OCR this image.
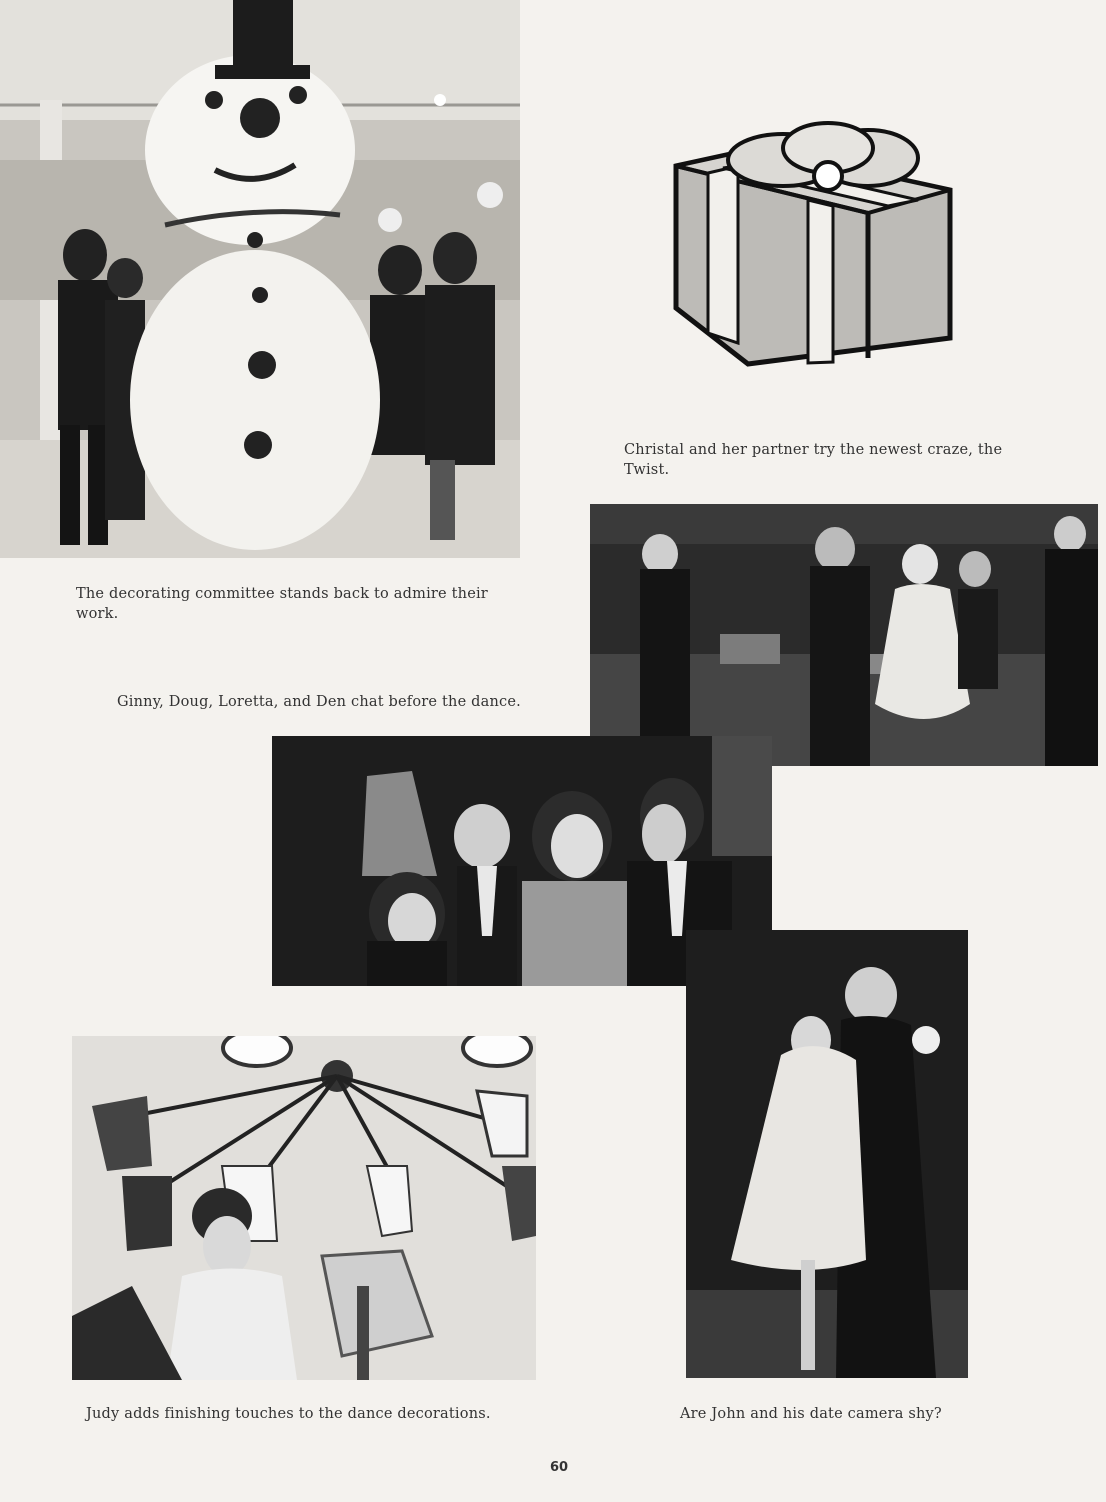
The decorating committee stands back to admire their work.
Christal and her partner try the newest craze, the Twist.
Ginny, Doug, Loretta, and Den chat before the dance.
Judy adds finishing touches to the dance decorations.	Are John and his date camera shy?
60
